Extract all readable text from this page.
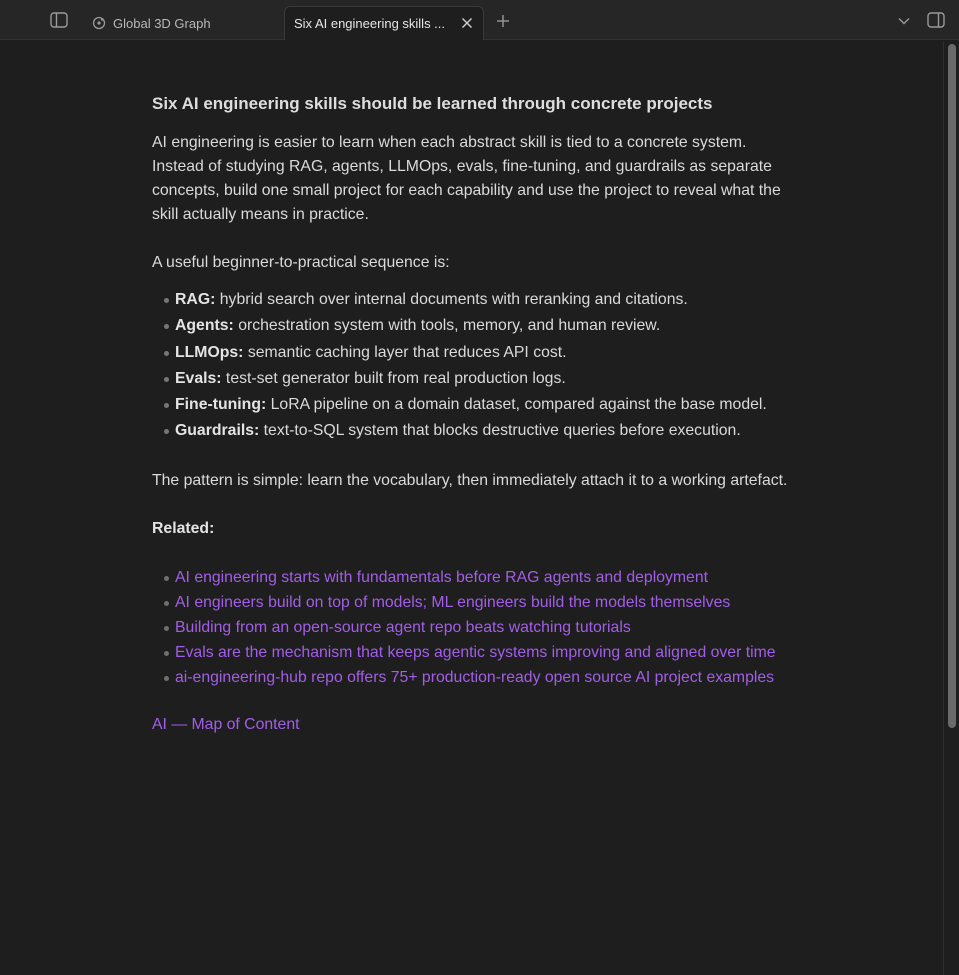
Global 3D Graph	Six AI engineering skills ...
Six AI engineering skills should be learned through concrete projects

AI engineering is easier to learn when each abstract skill is tied to a concrete system. Instead of studying RAG, agents, LLMOps, evals, fine-tuning, and guardrails as separate concepts, build one small project for each capability and use the project to reveal what the skill actually means in practice.

A useful beginner-to-practical sequence is:

RAG: hybrid search over internal documents with reranking and citations.
Agents: orchestration system with tools, memory, and human review.
LLMOps: semantic caching layer that reduces API cost.
Evals: test-set generator built from real production logs.
Fine-tuning: LoRA pipeline on a domain dataset, compared against the base model.
Guardrails: text-to-SQL system that blocks destructive queries before execution.

The pattern is simple: learn the vocabulary, then immediately attach it to a working artefact.

Related:

AI engineering starts with fundamentals before RAG agents and deployment
AI engineers build on top of models; ML engineers build the models themselves
Building from an open-source agent repo beats watching tutorials
Evals are the mechanism that keeps agentic systems improving and aligned over time
ai-engineering-hub repo offers 75+ production-ready open source AI project examples

AI — Map of Content
